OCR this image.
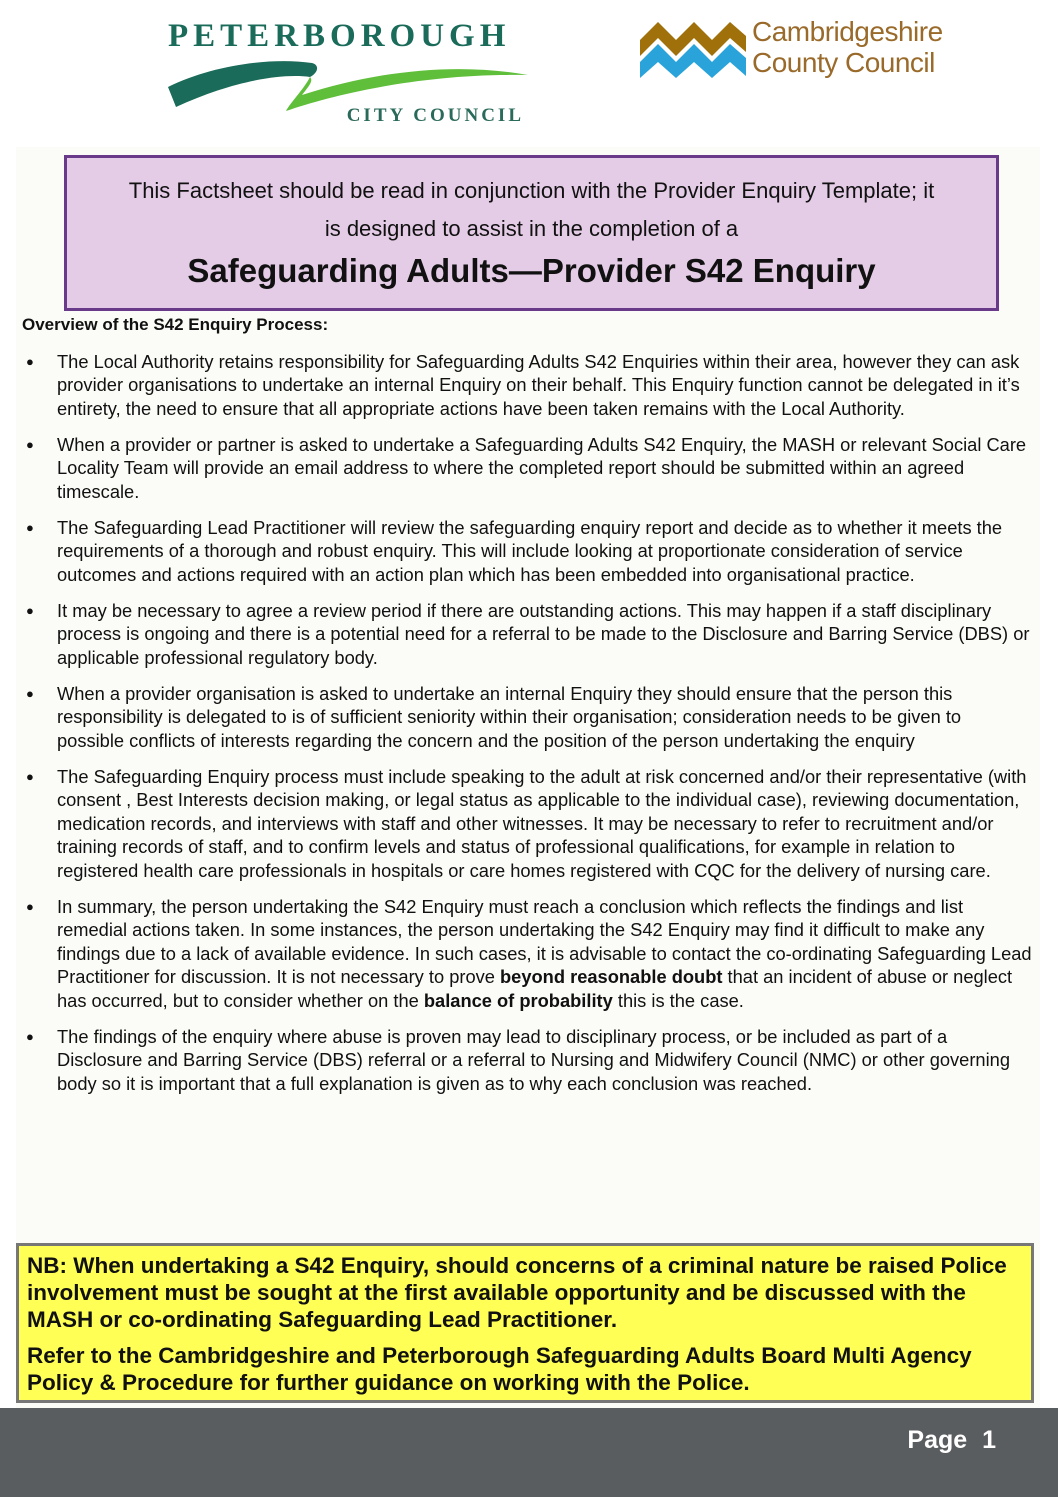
PETERBOROUGH
CITY COUNCIL
Cambridgeshire
County Council
This Factsheet should be read in conjunction with the Provider Enquiry Template; it
is designed to assist in the completion of a
Safeguarding Adults—Provider S42 Enquiry
Overview of the S42 Enquiry Process:
● The Local Authority retains responsibility for Safeguarding Adults S42 Enquiries within their area, however they can ask provider organisations to undertake an internal Enquiry on their behalf. This Enquiry function cannot be delegated in it’s entirety, the need to ensure that all appropriate actions have been taken remains with the Local Authority.
● When a provider or partner is asked to undertake a Safeguarding Adults S42 Enquiry, the MASH or relevant Social Care Locality Team will provide an email address to where the completed report should be submitted within an agreed timescale.
● The Safeguarding Lead Practitioner will review the safeguarding enquiry report and decide as to whether it meets the requirements of a thorough and robust enquiry. This will include looking at proportionate consideration of service outcomes and actions required with an action plan which has been embedded into organisational practice.
● It may be necessary to agree a review period if there are outstanding actions. This may happen if a staff disciplinary process is ongoing and there is a potential need for a referral to be made to the Disclosure and Barring Service (DBS) or applicable professional regulatory body.
● When a provider organisation is asked to undertake an internal Enquiry they should ensure that the person this responsibility is delegated to is of sufficient seniority within their organisation; consideration needs to be given to possible conflicts of interests regarding the concern and the position of the person undertaking the enquiry
● The Safeguarding Enquiry process must include speaking to the adult at risk concerned and/or their representative (with consent , Best Interests decision making, or legal status as applicable to the individual case), reviewing documentation, medication records, and interviews with staff and other witnesses. It may be necessary to refer to recruitment and/or training records of staff, and to confirm levels and status of professional qualifications, for example in relation to registered health care professionals in hospitals or care homes registered with CQC for the delivery of nursing care.
● In summary, the person undertaking the S42 Enquiry must reach a conclusion which reflects the findings and list remedial actions taken. In some instances, the person undertaking the S42 Enquiry may find it difficult to make any findings due to a lack of available evidence. In such cases, it is advisable to contact the co-ordinating Safeguarding Lead Practitioner for discussion. It is not necessary to prove beyond reasonable doubt that an incident of abuse or neglect has occurred, but to consider whether on the balance of probability this is the case.
● The findings of the enquiry where abuse is proven may lead to disciplinary process, or be included as part of a Disclosure and Barring Service (DBS) referral or a referral to Nursing and Midwifery Council (NMC) or other governing body so it is important that a full explanation is given as to why each conclusion was reached.

NB: When undertaking a S42 Enquiry, should concerns of a criminal nature be raised Police involvement must be sought at the first available opportunity and be discussed with the MASH or co-ordinating Safeguarding Lead Practitioner.

Refer to the Cambridgeshire and Peterborough Safeguarding Adults Board Multi Agency Policy & Procedure for further guidance on working with the Police.

Page 1
